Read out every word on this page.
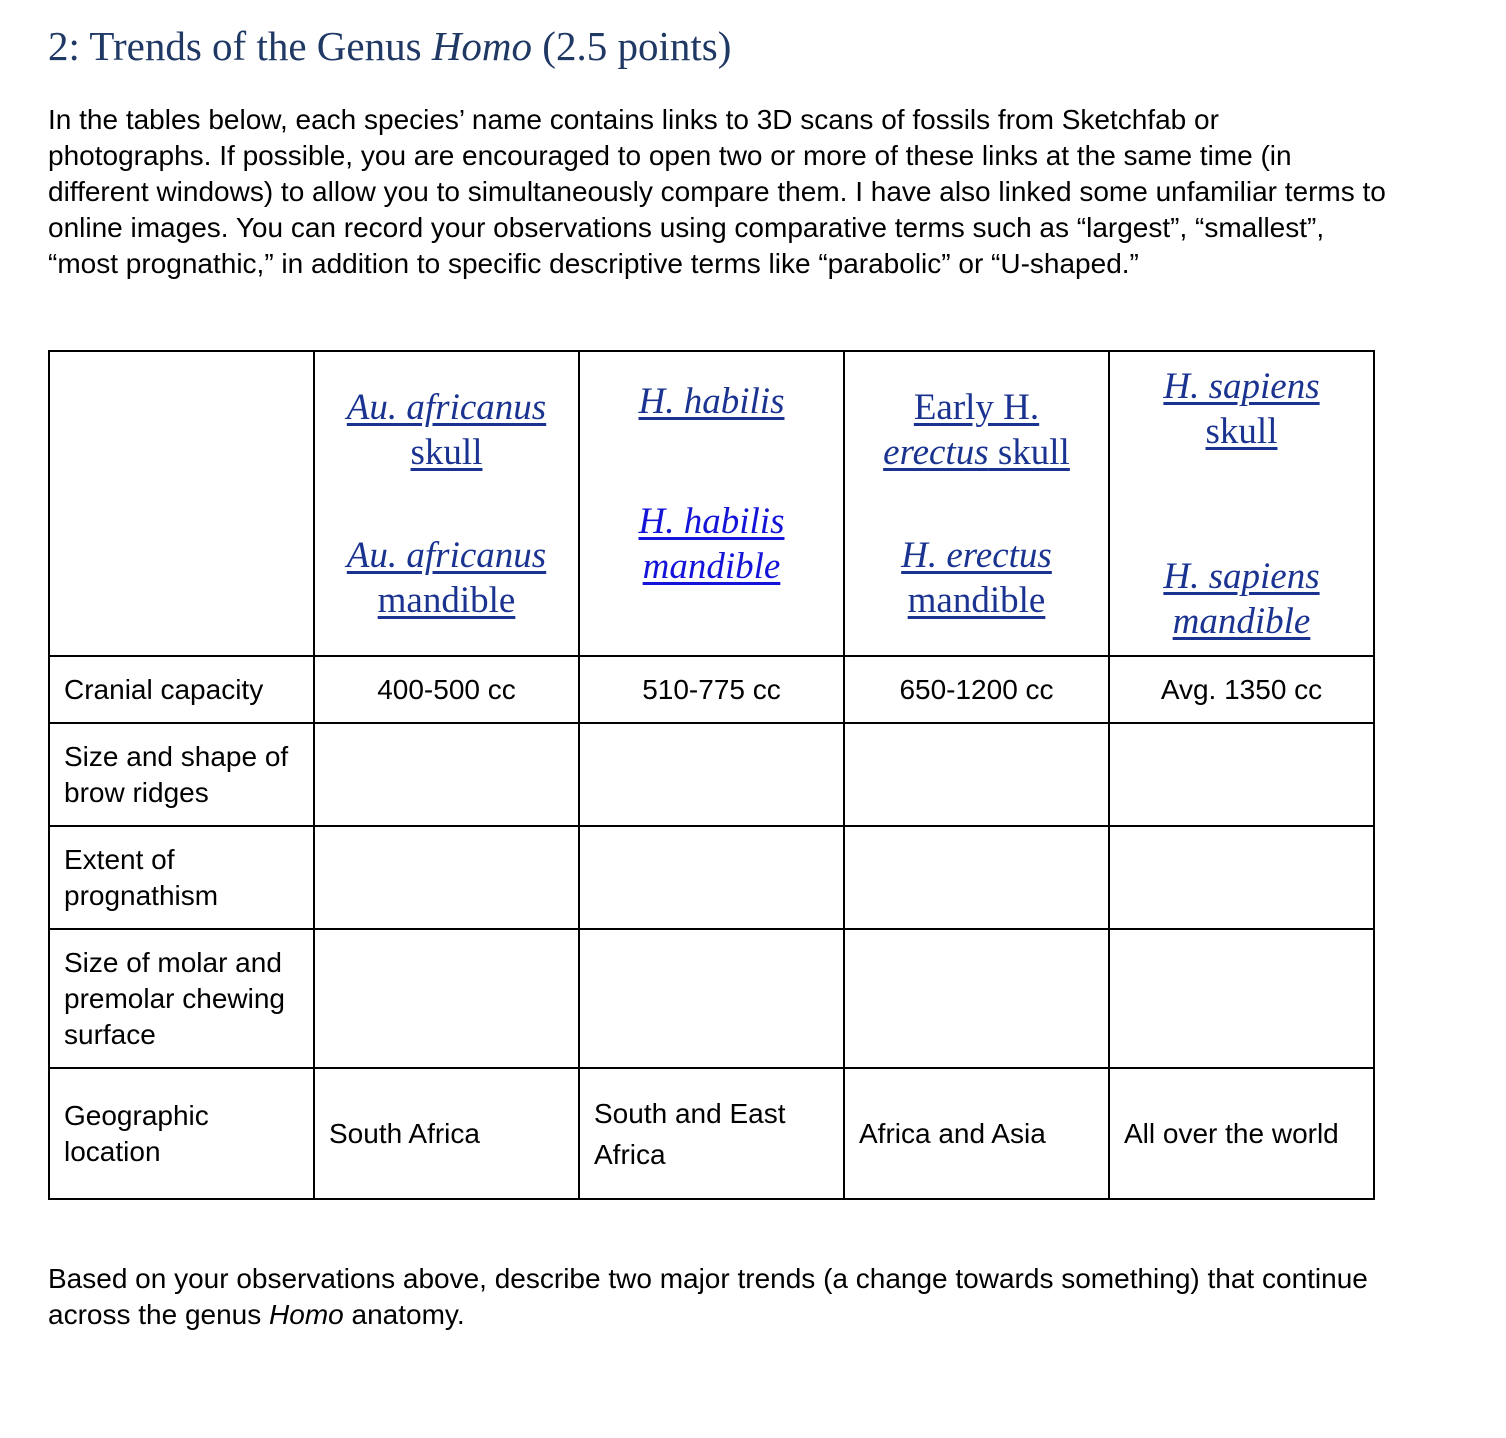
2: Trends of the Genus Homo (2.5 points)

In the tables below, each species’ name contains links to 3D scans of fossils from Sketchfab or photographs. If possible, you are encouraged to open two or more of these links at the same time (in different windows) to allow you to simultaneously compare them. I have also linked some unfamiliar terms to online images. You can record your observations using comparative terms such as “largest”, “smallest”, “most prognathic,” in addition to specific descriptive terms like “parabolic” or “U-shaped.”

	Au. africanus
skull
Au. africanus
mandible	H. habilis
H. habilis
mandible	Early H.
erectus skull
H. erectus
mandible	H. sapiens
skull
H. sapiens
mandible

Cranial capacity	400-500 cc	510-775 cc	650-1200 cc	Avg. 1350 cc
Size and shape of brow ridges				
Extent of prognathism				
Size of molar and premolar chewing surface				
Geographic location	South Africa	South and East Africa	Africa and Asia	All over the world

Based on your observations above, describe two major trends (a change towards something) that continue across the genus Homo anatomy.
